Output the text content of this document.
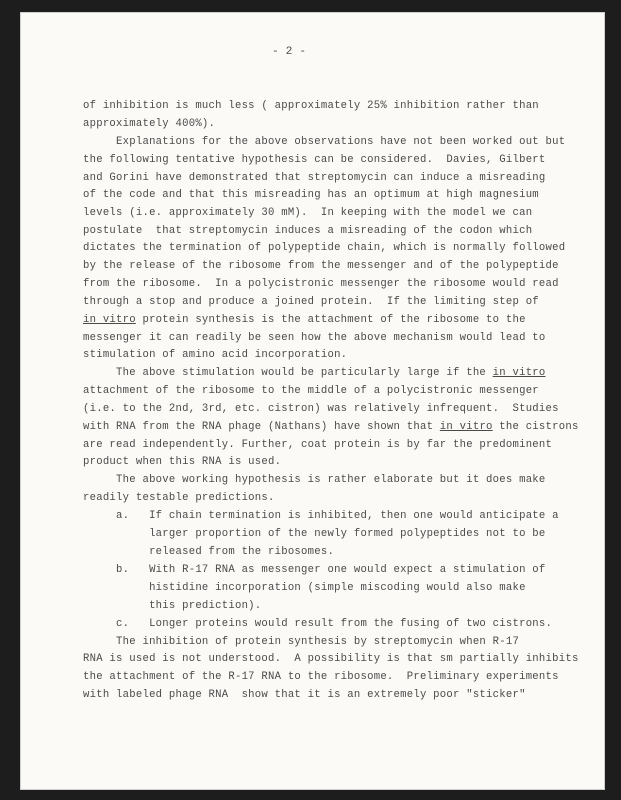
- 2 -
of inhibition is much less ( approximately 25% inhibition rather than
approximately 400%).
Explanations for the above observations have not been worked out but
the following tentative hypothesis can be considered.  Davies, Gilbert
and Gorini have demonstrated that streptomycin can induce a misreading
of the code and that this misreading has an optimum at high magnesium
levels (i.e. approximately 30 mM).  In keeping with the model we can
postulate  that streptomycin induces a misreading of the codon which
dictates the termination of polypeptide chain, which is normally followed
by the release of the ribosome from the messenger and of the polypeptide
from the ribosome.  In a polycistronic messenger the ribosome would read
through a stop and produce a joined protein.  If the limiting step of
in vitro protein synthesis is the attachment of the ribosome to the
messenger it can readily be seen how the above mechanism would lead to
stimulation of amino acid incorporation.
The above stimulation would be particularly large if the in vitro
attachment of the ribosome to the middle of a polycistronic messenger
(i.e. to the 2nd, 3rd, etc. cistron) was relatively infrequent.  Studies
with RNA from the RNA phage (Nathans) have shown that in vitro the cistrons
are read independently. Further, coat protein is by far the predominent
product when this RNA is used.
The above working hypothesis is rather elaborate but it does make
readily testable predictions.
a.   If chain termination is inhibited, then one would anticipate a
larger proportion of the newly formed polypeptides not to be
released from the ribosomes.
b.   With R-17 RNA as messenger one would expect a stimulation of
histidine incorporation (simple miscoding would also make
this prediction).
c.   Longer proteins would result from the fusing of two cistrons.
The inhibition of protein synthesis by streptomycin when R-17
RNA is used is not understood.  A possibility is that sm partially inhibits
the attachment of the R-17 RNA to the ribosome.  Preliminary experiments
with labeled phage RNA  show that it is an extremely poor "sticker"
